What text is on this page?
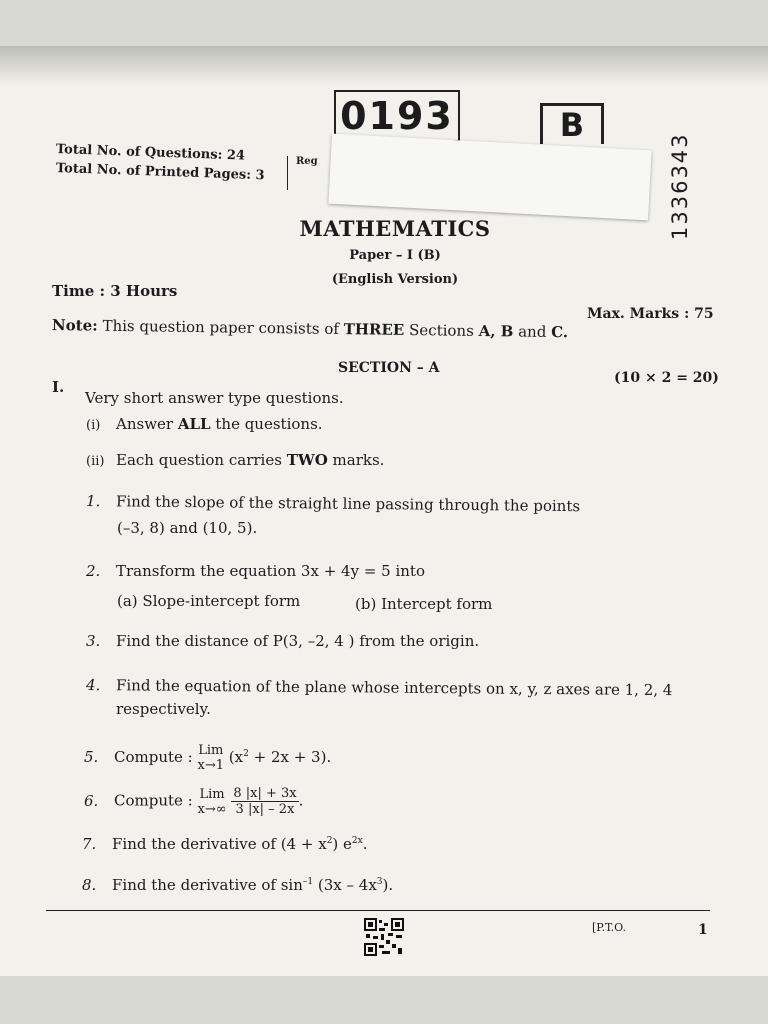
0193	B
Total No. of Questions: 24
Total No. of Printed Pages: 3	Reg	1336343
MATHEMATICS
Paper – I (B)
(English Version)
Time : 3 Hours
Max. Marks : 75
Note: This question paper consists of THREE Sections A, B and C.
SECTION – A
(10 × 2 = 20)
I.
Very short answer type questions.
(i) Answer ALL the questions.
(ii) Each question carries TWO marks.
1. Find the slope of the straight line passing through the points
(–3, 8) and (10, 5).
2. Transform the equation 3x + 4y = 5 into
(a) Slope-intercept form	(b) Intercept form
3. Find the distance of P(3, –2, 4 ) from the origin.
4. Find the equation of the plane whose intercepts on x, y, z axes are 1, 2, 4
respectively.
5. Compute : Lim
x→1 $(x^2 + 2x + 3)$.
6. Compute : Lim
x→∞
$\frac{8 |x| + 3x}{3 |x| - 2x}$ .
7. Find the derivative of $(4 + x^2)$ $e^{2x}$.
8. Find the derivative of $\sin^{-1} (3x - 4x^3)$.
[P.T.O.	1
